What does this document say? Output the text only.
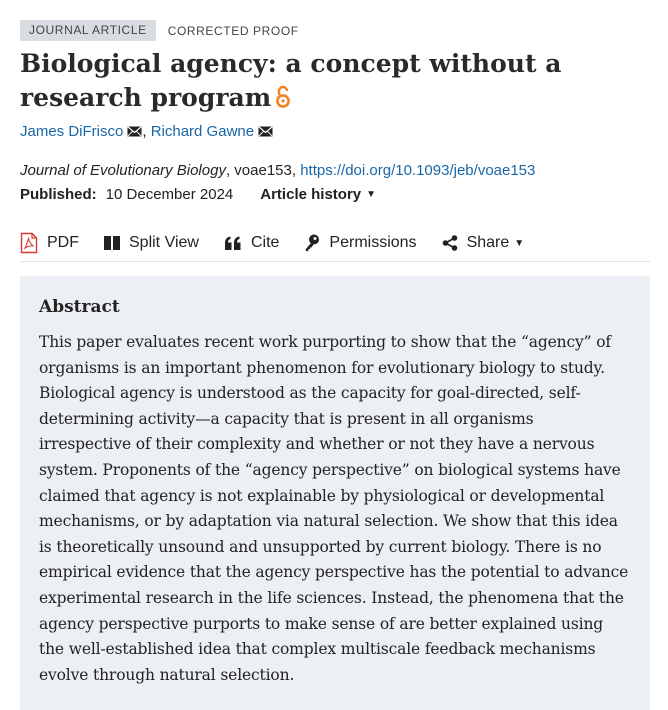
JOURNAL ARTICLE	CORRECTED PROOF
Biological agency: a concept without a research program
James DiFrisco , Richard Gawne
Journal of Evolutionary Biology, voae153, https://doi.org/10.1093/jeb/voae153
Published: 10 December 2024 Article history ▼
PDF	Split View	Cite	Permissions	Share ▼
Abstract

This paper evaluates recent work purporting to show that the “agency” of organisms is an important phenomenon for evolutionary biology to study. Biological agency is understood as the capacity for goal-directed, self-determining activity—a capacity that is present in all organisms irrespective of their complexity and whether or not they have a nervous system. Proponents of the “agency perspective” on biological systems have claimed that agency is not explainable by physiological or developmental mechanisms, or by adaptation via natural selection. We show that this idea is theoretically unsound and unsupported by current biology. There is no empirical evidence that the agency perspective has the potential to advance experimental research in the life sciences. Instead, the phenomena that the agency perspective purports to make sense of are better explained using the well-established idea that complex multiscale feedback mechanisms evolve through natural selection.
